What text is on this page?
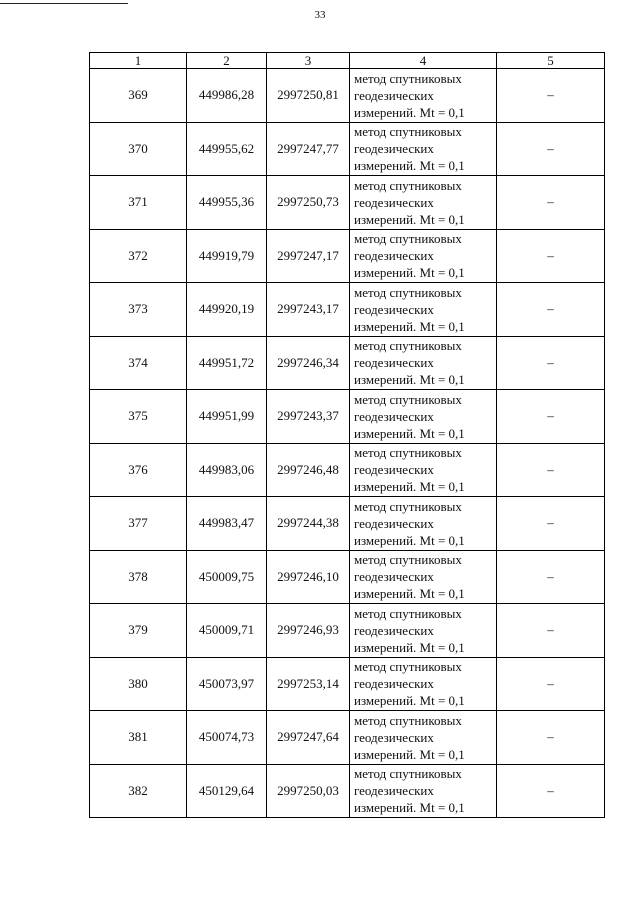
33
1	2	3	4	5
369	449986,28	2997250,81	метод спутниковых
геодезических
измерений. Mt = 0,1	–
370	449955,62	2997247,77	метод спутниковых
геодезических
измерений. Mt = 0,1	–
371	449955,36	2997250,73	метод спутниковых
геодезических
измерений. Mt = 0,1	–
372	449919,79	2997247,17	метод спутниковых
геодезических
измерений. Mt = 0,1	–
373	449920,19	2997243,17	метод спутниковых
геодезических
измерений. Mt = 0,1	–
374	449951,72	2997246,34	метод спутниковых
геодезических
измерений. Mt = 0,1	–
375	449951,99	2997243,37	метод спутниковых
геодезических
измерений. Mt = 0,1	–
376	449983,06	2997246,48	метод спутниковых
геодезических
измерений. Mt = 0,1	–
377	449983,47	2997244,38	метод спутниковых
геодезических
измерений. Mt = 0,1	–
378	450009,75	2997246,10	метод спутниковых
геодезических
измерений. Mt = 0,1	–
379	450009,71	2997246,93	метод спутниковых
геодезических
измерений. Mt = 0,1	–
380	450073,97	2997253,14	метод спутниковых
геодезических
измерений. Mt = 0,1	–
381	450074,73	2997247,64	метод спутниковых
геодезических
измерений. Mt = 0,1	–
382	450129,64	2997250,03	метод спутниковых
геодезических
измерений. Mt = 0,1	–
